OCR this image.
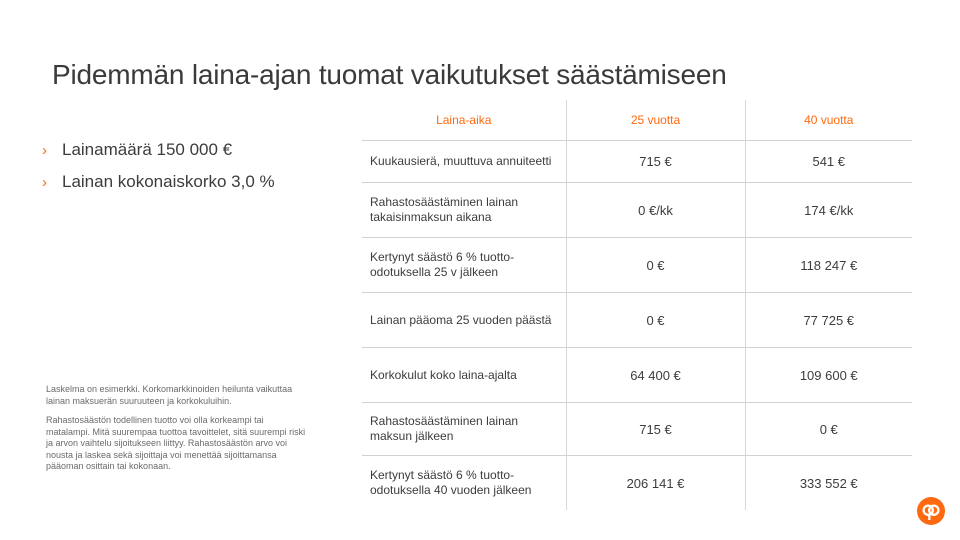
Pidemmän laina-ajan tuomat vaikutukset säästämiseen
› Lainamäärä 150 000 €
› Lainan kokonaiskorko 3,0 %

Laskelma on esimerkki. Korkomarkkinoiden heilunta vaikuttaa lainan maksuerän suuruuteen ja korkokuluihin.

Rahastosäästön todellinen tuotto voi olla korkeampi tai matalampi. Mitä suurempaa tuottoa tavoittelet, sitä suurempi riski ja arvon vaihtelu sijoitukseen liittyy. Rahastosäästön arvo voi nousta ja laskea sekä sijoittaja voi menettää sijoittamansa pääoman osittain tai kokonaan.

Laina-aika	25 vuotta	40 vuotta
Kuukausierä, muuttuva annuiteetti	715 €	541 €
Rahastosäästäminen lainan takaisinmaksun aikana	0 €/kk	174 €/kk
Kertynyt säästö 6 % tuotto-odotuksella 25 v jälkeen	0 €	118 247 €
Lainan pääoma 25 vuoden päästä	0 €	77 725 €
Korkokulut koko laina-ajalta	64 400 €	109 600 €
Rahastosäästäminen lainan maksun jälkeen	715 €	0 €
Kertynyt säästö 6 % tuotto-odotuksella 40 vuoden jälkeen	206 141 €	333 552 €
